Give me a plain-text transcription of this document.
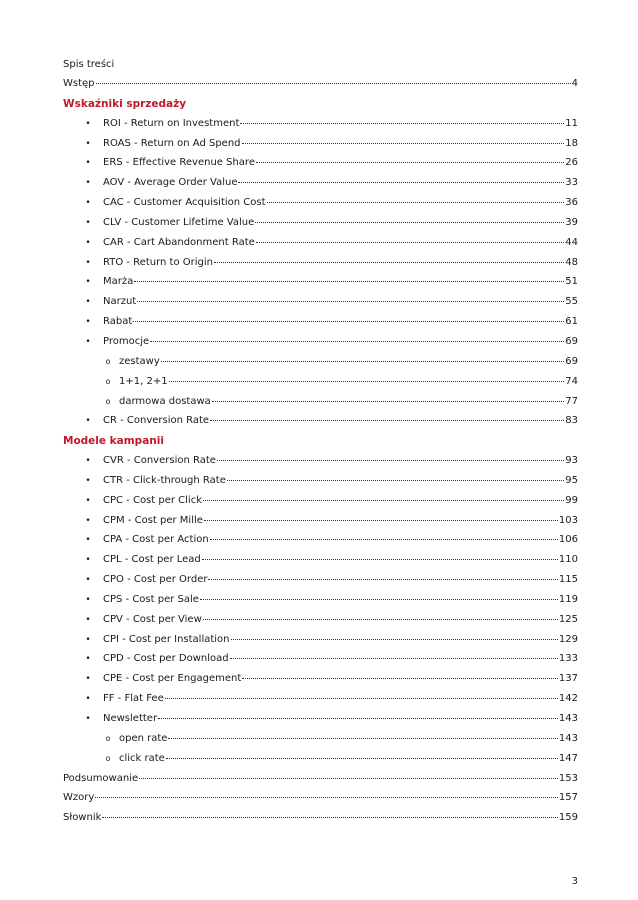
Spis treści
Wstęp	4
Wskaźniki sprzedaży
• ROI - Return on Investment	11
• ROAS - Return on Ad Spend	18
• ERS - Effective Revenue Share	26
• AOV - Average Order Value	33
• CAC - Customer Acquisition Cost	36
• CLV - Customer Lifetime Value	39
• CAR - Cart Abandonment Rate	44
• RTO - Return to Origin	48
• Marża	51
• Narzut	55
• Rabat	61
• Promocje	69
o zestawy	69
o 1+1, 2+1	74
o darmowa dostawa	77
• CR - Conversion Rate	83
Modele kampanii
• CVR - Conversion Rate	93
• CTR - Click-through Rate	95
• CPC - Cost per Click	99
• CPM - Cost per Mille	103
• CPA - Cost per Action	106
• CPL - Cost per Lead	110
• CPO - Cost per Order	115
• CPS - Cost per Sale	119
• CPV - Cost per View	125
• CPI - Cost per Installation	129
• CPD - Cost per Download	133
• CPE - Cost per Engagement	137
• FF - Flat Fee	142
• Newsletter	143
o open rate	143
o click rate	147
Podsumowanie	153
Wzory	157
Słownik	159
3
